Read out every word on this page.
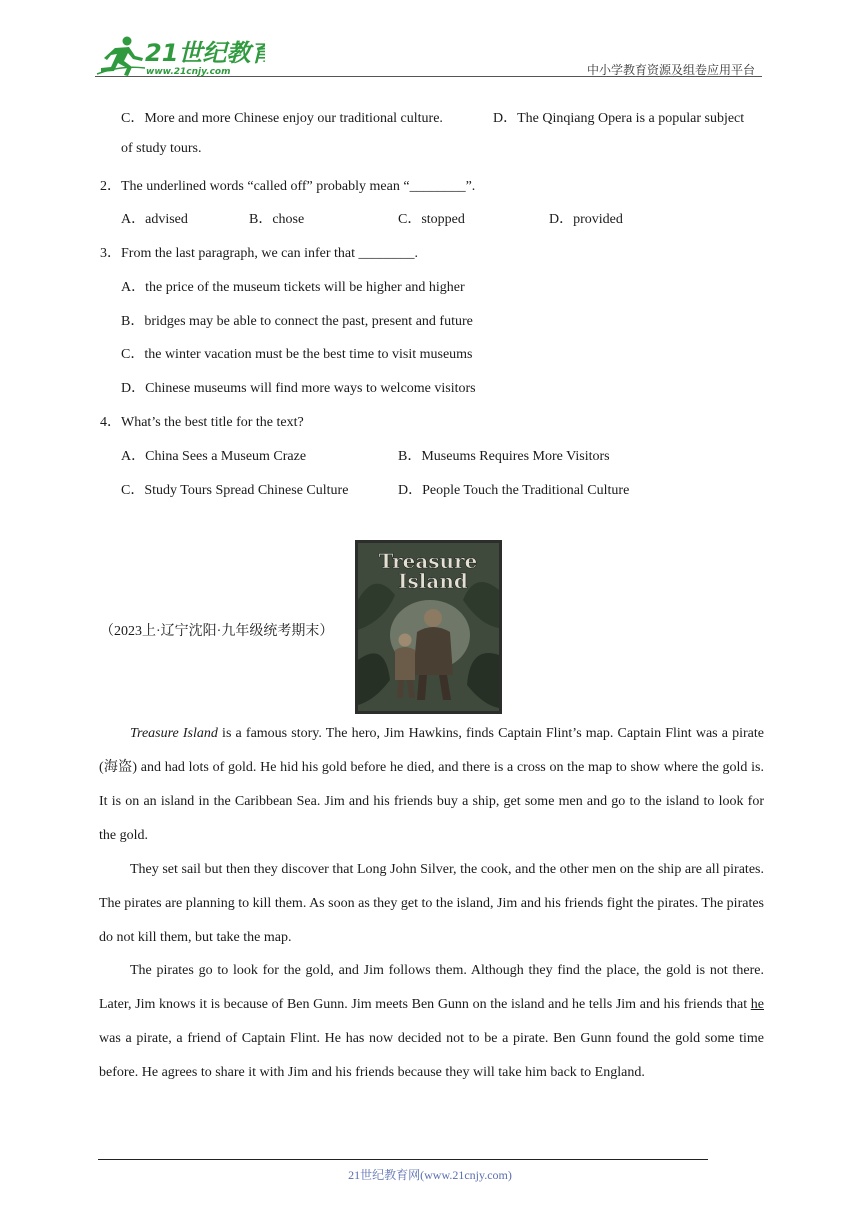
21世纪教育
www.21cnjy.com	中小学教育资源及组卷应用平台
C．More and more Chinese enjoy our traditional culture.	D．The Qinqiang Opera is a popular subject
of study tours.
2．The underlined words “called off” probably mean “________”.
A．advised	B．chose	C．stopped	D．provided
3．From the last paragraph, we can infer that ________.
A．the price of the museum tickets will be higher and higher
B．bridges may be able to connect the past, present and future
C．the winter vacation must be the best time to visit museums
D．Chinese museums will find more ways to welcome visitors
4．What’s the best title for the text?
A．China Sees a Museum Craze	B．Museums Requires More Visitors
C．Study Tours Spread Chinese Culture	D．People Touch the Traditional Culture
（2023上·辽宁沈阳·九年级统考期末）
Treasure
Island
Treasure Island is a famous story. The hero, Jim Hawkins, finds Captain Flint’s map. Captain Flint was a pirate (海盗) and had lots of gold. He hid his gold before he died, and there is a cross on the map to show where the gold is. It is on an island in the Caribbean Sea. Jim and his friends buy a ship, get some men and go to the island to look for the gold.
They set sail but then they discover that Long John Silver, the cook, and the other men on the ship are all pirates. The pirates are planning to kill them. As soon as they get to the island, Jim and his friends fight the pirates. The pirates do not kill them, but take the map.
The pirates go to look for the gold, and Jim follows them. Although they find the place, the gold is not there. Later, Jim knows it is because of Ben Gunn. Jim meets Ben Gunn on the island and he tells Jim and his friends that he was a pirate, a friend of Captain Flint. He has now decided not to be a pirate. Ben Gunn found the gold some time before. He agrees to share it with Jim and his friends because they will take him back to England.
21世纪教育网(www.21cnjy.com)
